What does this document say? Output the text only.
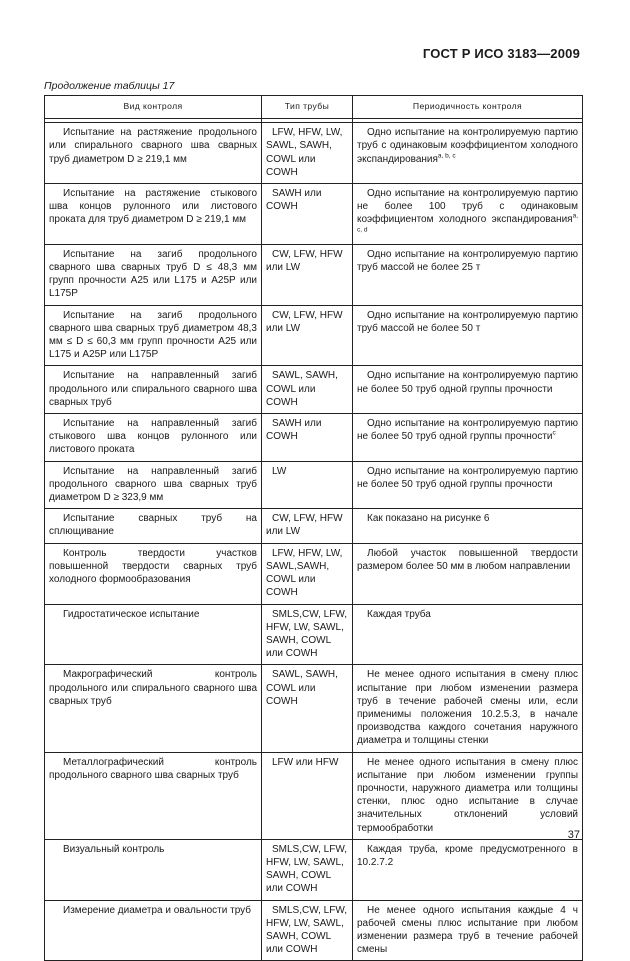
ГОСТ Р ИСО 3183—2009
Продолжение таблицы 17
Вид контроля	Тип трубы	Периодичность контроля

Испытание на растяжение продольного или спирального сварного шва сварных труб диаметром D ≥ 219,1 мм	LFW, HFW, LW, SAWL, SAWH, COWL или COWH	Одно испытание на контролируемую партию труб с одинаковым коэффициентом холодного экспандирования$^{a, b, c}$
Испытание на растяжение стыкового шва концов рулонного или листового проката для труб диаметром D ≥ 219,1 мм	SAWH или COWH	Одно испытание на контролируемую партию не более 100 труб с одинаковым коэффициентом холодного экспандирования$^{a, c, d}$
Испытание на загиб продольного сварного шва сварных труб D ≤ 48,3 мм групп прочности A25 или L175 и A25P или L175P	CW, LFW, HFW или LW	Одно испытание на контролируемую партию труб массой не более 25 т
Испытание на загиб продольного сварного шва сварных труб диаметром 48,3 мм ≤ D ≤ 60,3 мм групп прочности A25 или L175 и A25P или L175P	CW, LFW, HFW или LW	Одно испытание на контролируемую партию труб массой не более 50 т
Испытание на направленный загиб продольного или спирального сварного шва сварных труб	SAWL, SAWH, COWL или COWH	Одно испытание на контролируемую партию не более 50 труб одной группы прочности
Испытание на направленный загиб стыкового шва концов рулонного или листового проката	SAWH или COWH	Одно испытание на контролируемую партию не более 50 труб одной группы прочности$^c$
Испытание на направленный загиб продольного сварного шва сварных труб диаметром D ≥ 323,9 мм	LW	Одно испытание на контролируемую партию не более 50 труб одной группы прочности
Испытание сварных труб на сплющивание	CW, LFW, HFW или LW	Как показано на рисунке 6
Контроль твердости участков повышенной твердости сварных труб холодного формообразования	LFW, HFW, LW, SAWL,SAWH, COWL или COWH	Любой участок повышенной твердости размером более 50 мм в любом направлении
Гидростатическое испытание	SMLS,CW, LFW, HFW, LW, SAWL, SAWH, COWL или COWH	Каждая труба
Макрографический контроль продольного или спирального сварного шва сварных труб	SAWL, SAWH, COWL или COWH	Не менее одного испытания в смену плюс испытание при любом изменении размера труб в течение рабочей смены или, если применимы положения 10.2.5.3, в начале производства каждого сочетания наружного диаметра и толщины стенки
Металлографический контроль продольного сварного шва сварных труб	LFW или HFW	Не менее одного испытания в смену плюс испытание при любом изменении группы прочности, наружного диаметра или толщины стенки, плюс одно испытание в случае значительных отклонений условий термообработки
Визуальный контроль	SMLS,CW, LFW, HFW, LW, SAWL, SAWH, COWL или COWH	Каждая труба, кроме предусмотренного в 10.2.7.2
Измерение диаметра и овальности труб	SMLS,CW, LFW, HFW, LW, SAWL, SAWH, COWL или COWH	Не менее одного испытания каждые 4 ч рабочей смены плюс испытание при любом изменении размера труб в течение рабочей смены
37
